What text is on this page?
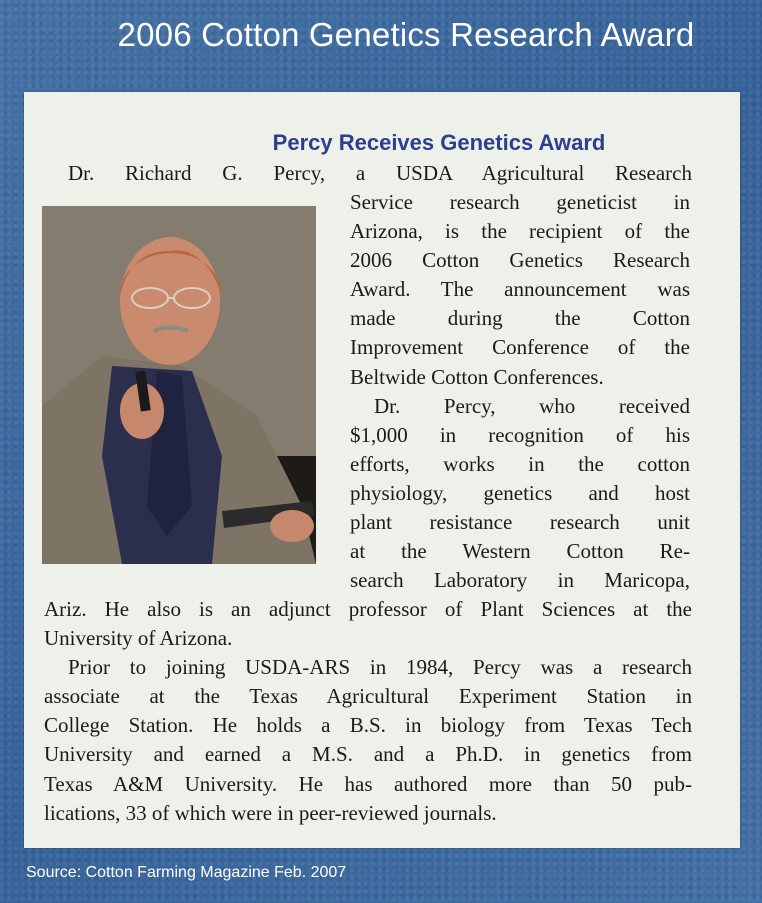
2006 Cotton Genetics Research Award
Percy Receives Genetics Award

Dr. Richard G. Percy, a USDA Agricultural Research

Service research geneticist in
Arizona, is the recipient of the
2006 Cotton Genetics Research
Award. The announcement was
made during the Cotton
Improvement Conference of the
Beltwide Cotton Conferences.
Dr. Percy, who received
$1,000 in recognition of his
efforts, works in the cotton
physiology, genetics and host
plant resistance research unit
at the Western Cotton Re-
search Laboratory in Maricopa,

Ariz. He also is an adjunct professor of Plant Sciences at the
University of Arizona.
Prior to joining USDA-ARS in 1984, Percy was a research
associate at the Texas Agricultural Experiment Station in
College Station. He holds a B.S. in biology from Texas Tech
University and earned a M.S. and a Ph.D. in genetics from
Texas A&M University. He has authored more than 50 pub-
lications, 33 of which were in peer-reviewed journals.

Source: Cotton Farming Magazine Feb. 2007
